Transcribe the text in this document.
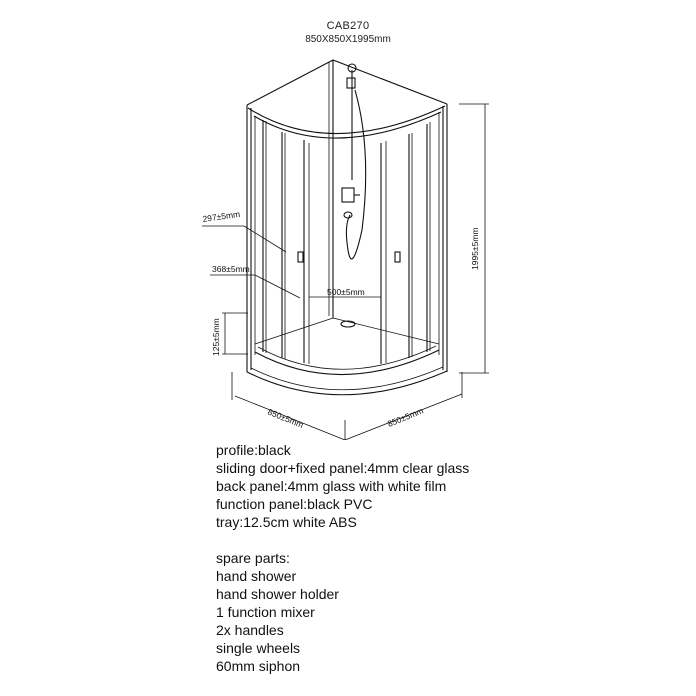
CAB270
850X850X1995mm
1995±5mm
125±5mm
500±5mm
297±5mm
368±5mm
850±5mm	850±5mm
profile:black
sliding door+fixed panel:4mm clear glass
back panel:4mm glass with white film
function panel:black PVC
tray:12.5cm white ABS
spare parts:
hand shower
hand shower holder
1 function mixer
2x handles
single wheels
60mm siphon
